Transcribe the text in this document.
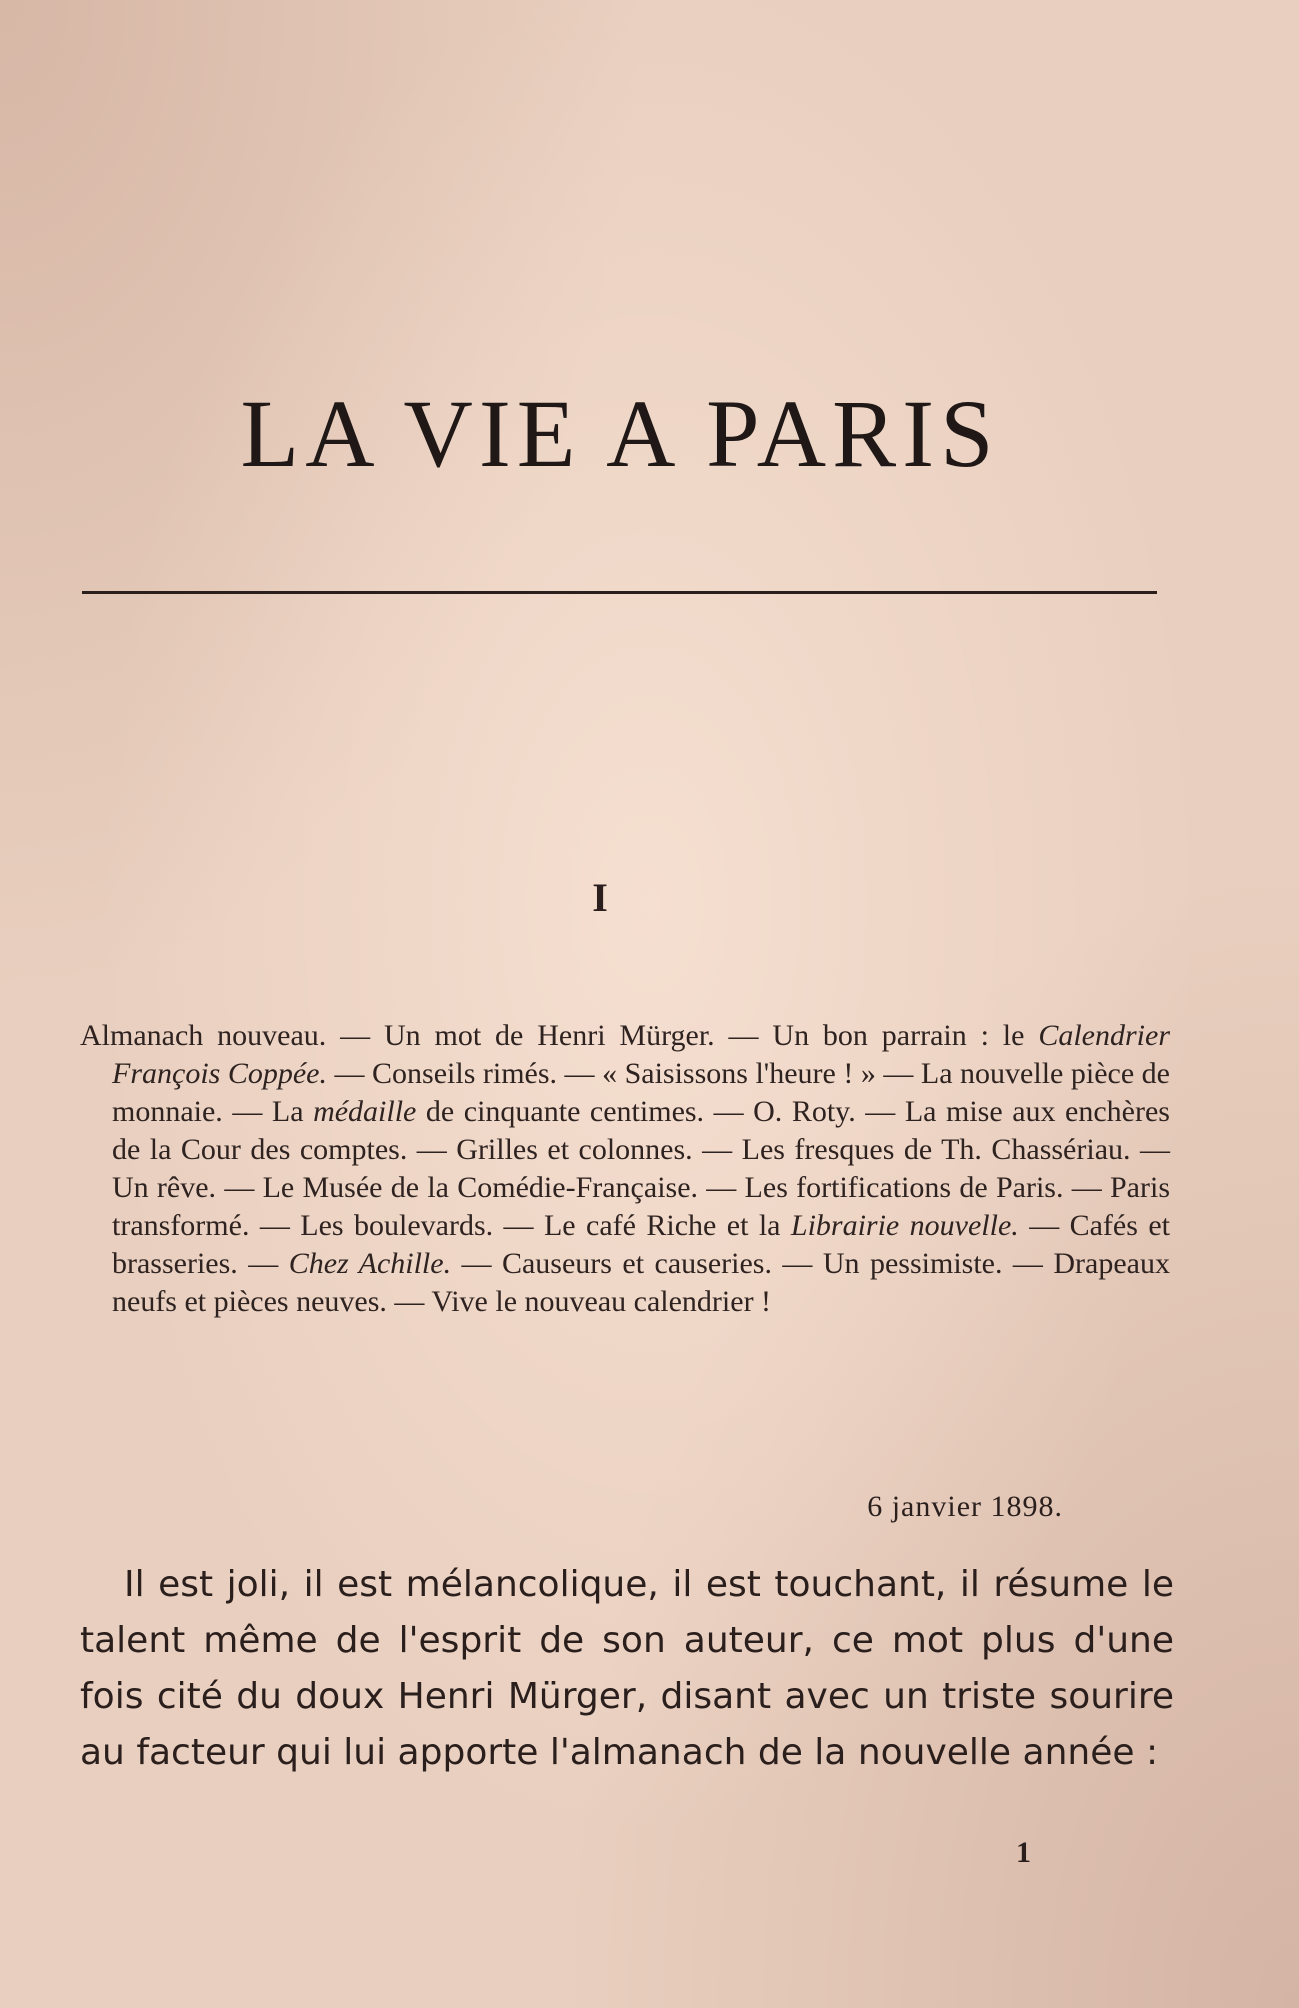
LA VIE A PARIS
I

Almanach nouveau. — Un mot de Henri Mürger. — Un bon parrain : le Calendrier François Coppée. — Conseils rimés. — « Saisissons l'heure ! » — La nouvelle pièce de monnaie. — La médaille de cinquante centimes. — O. Roty. — La mise aux enchères de la Cour des comptes. — Grilles et colonnes. — Les fresques de Th. Chassériau. — Un rêve. — Le Musée de la Comédie-Française. — Les fortifications de Paris. — Paris transformé. — Les boulevards. — Le café Riche et la Librairie nouvelle. — Cafés et brasseries. — Chez Achille. — Causeurs et causeries. — Un pessimiste. — Drapeaux neufs et pièces neuves. — Vive le nouveau calendrier !

6 janvier 1898.

Il est joli, il est mélancolique, il est touchant, il résume le talent même de l'esprit de son auteur, ce mot plus d'une fois cité du doux Henri Mürger, disant avec un triste sourire au facteur qui lui apporte l'almanach de la nouvelle année :

1
